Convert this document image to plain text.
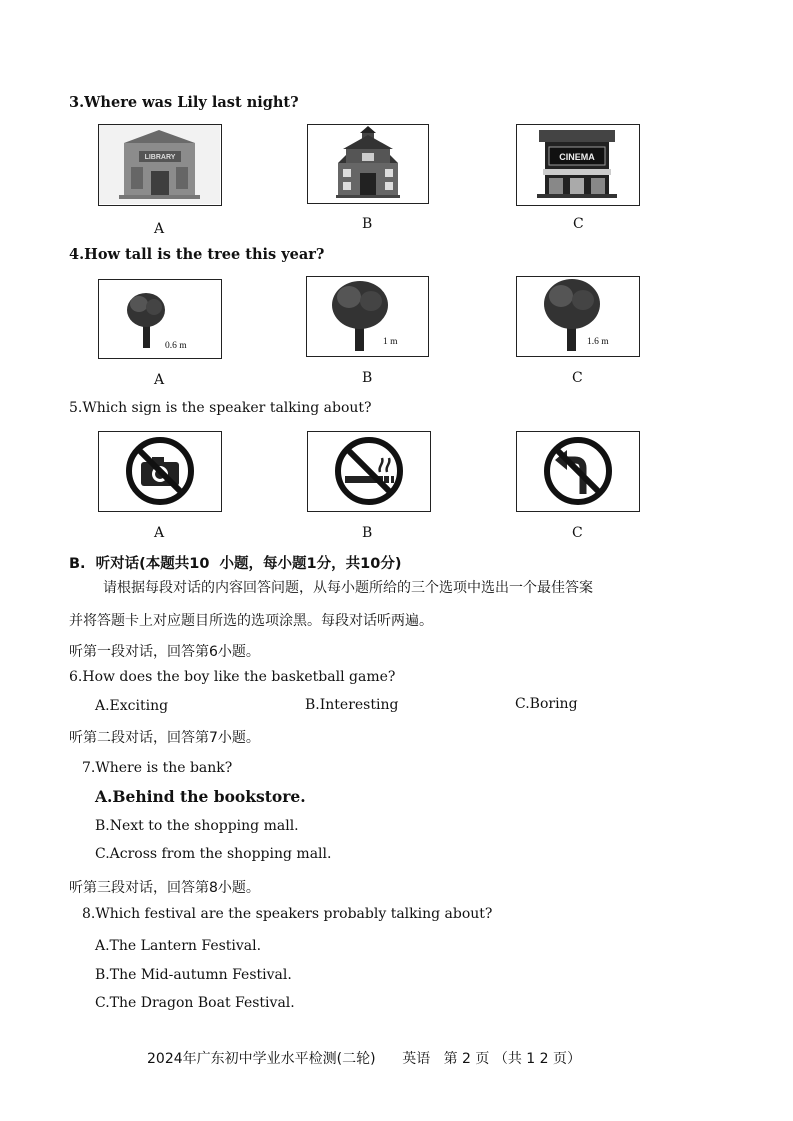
3.Where was Lily last night?
LIBRARY	CINEMA
A	B	C
4.How tall is the tree this year?
0.6 m	1 m	1.6 m
A	B	C
5.Which sign is the speaker talking about?
A	B	C
B.  听对话(本题共10  小题，每小题1分，共10分)
请根据每段对话的内容回答问题，从每小题所给的三个选项中选出一个最佳答案
并将答题卡上对应题目所选的选项涂黑。每段对话听两遍。
听第一段对话，回答第6小题。
6.How does the boy like the basketball game?
A.Exciting	B.Interesting	C.Boring
听第二段对话，回答第7小题。
7.Where is the bank?
A.Behind the bookstore.
B.Next to the shopping mall.
C.Across from the shopping mall.
听第三段对话，回答第8小题。
8.Which festival are the speakers probably talking about?
A.The Lantern Festival.
B.The Mid-autumn Festival.
C.The Dragon Boat Festival.
2024年广东初中学业水平检测(二轮)      英语   第 2 页 （共 1 2 页）
